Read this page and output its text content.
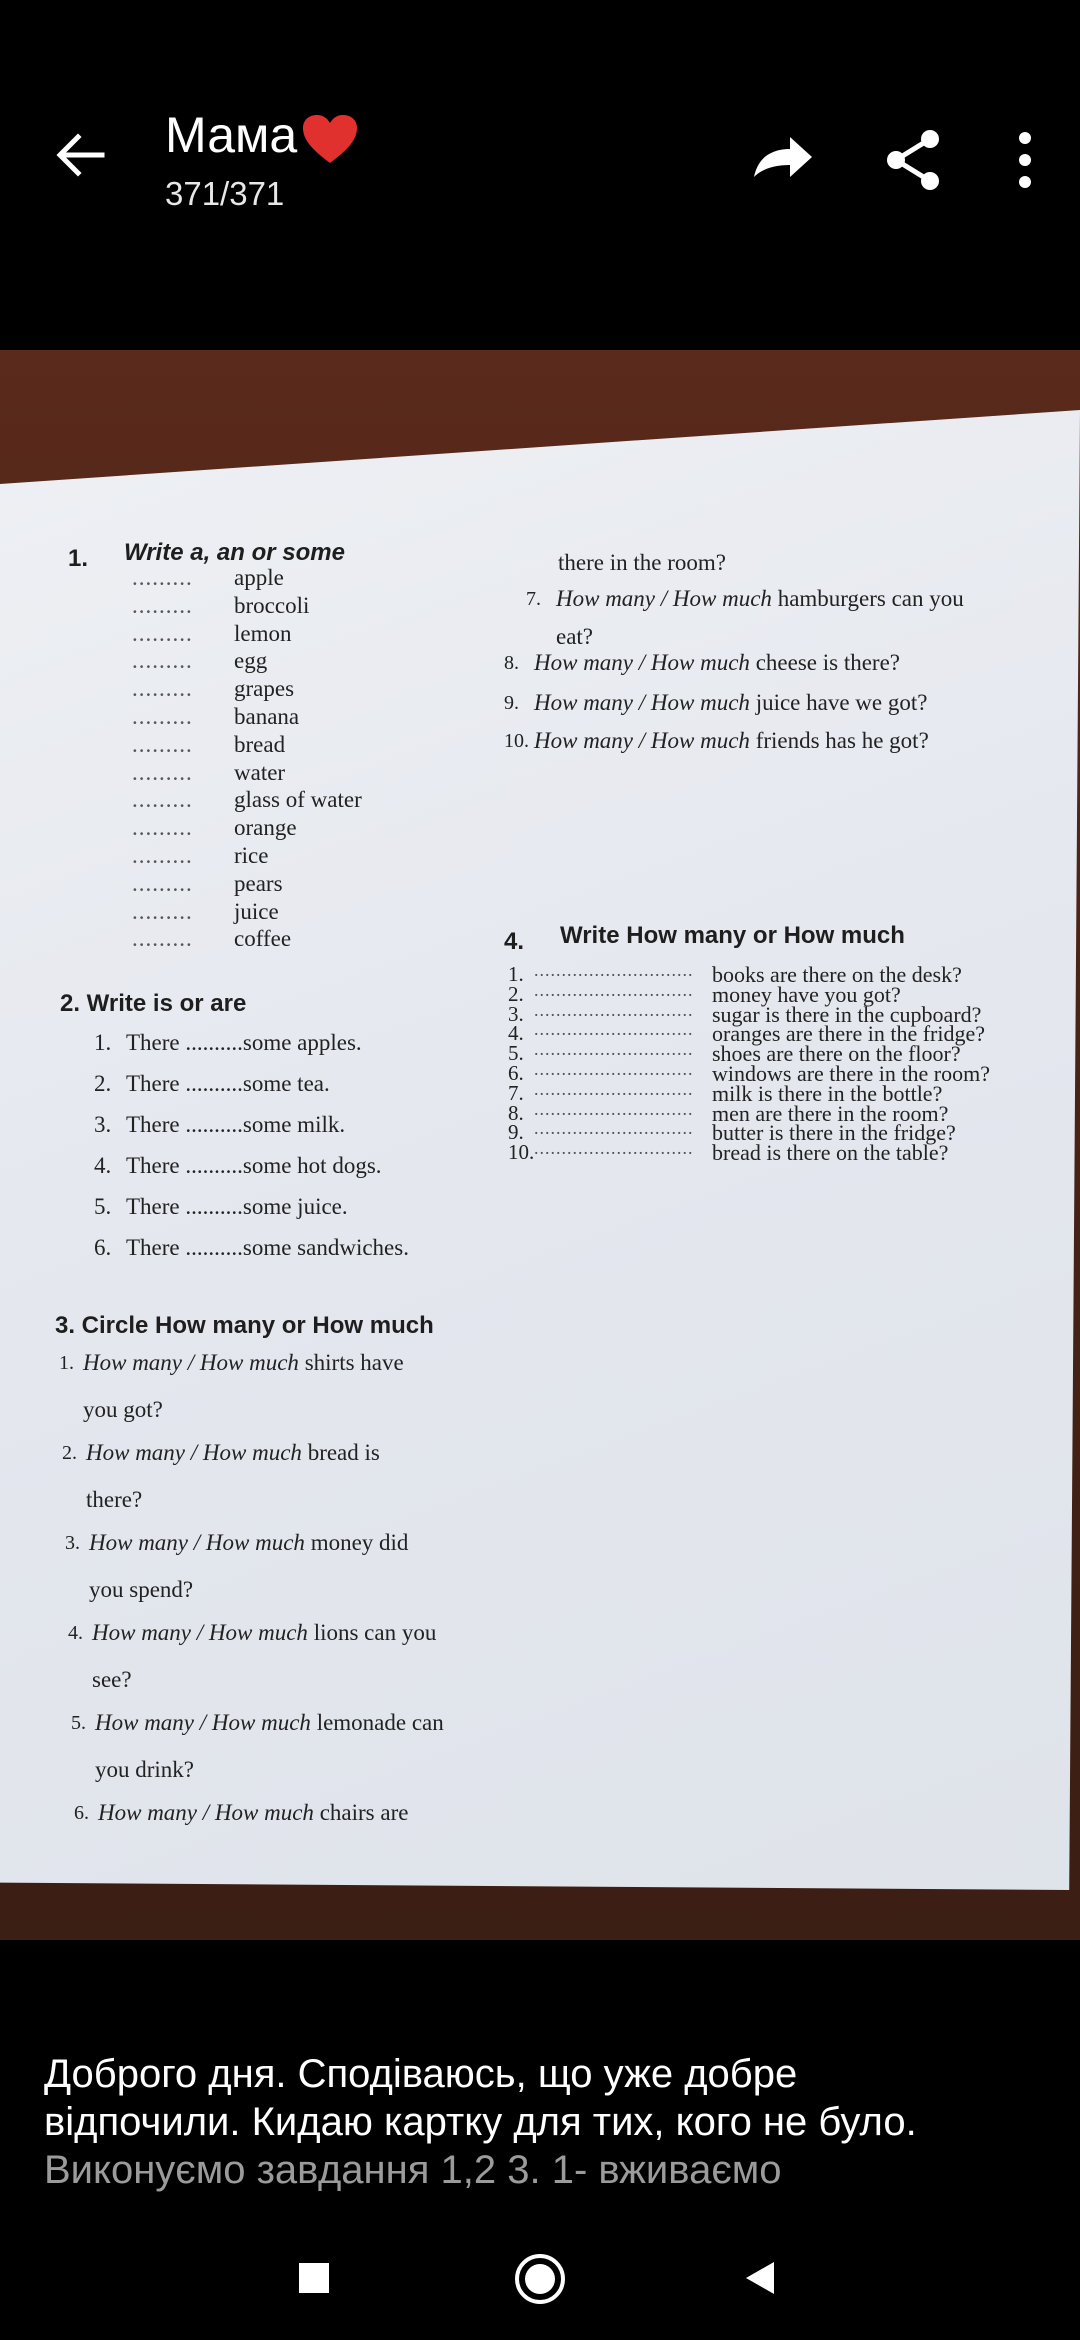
Мама
371/371
1. Write a, an or some
......... apple
......... broccoli
......... lemon
......... egg
......... grapes
......... banana
......... bread
......... water
......... glass of water
......... orange
......... rice
......... pears
......... juice
......... coffee
2. Write is or are
1. There ..........some apples.
2. There ..........some tea.
3. There ..........some milk.
4. There ..........some hot dogs.
5. There ..........some juice.
6. There ..........some sandwiches.
3. Circle How many or How much
1. How many / How much shirts have
you got?
2. How many / How much bread is
there?
3. How many / How much money did
you spend?
4. How many / How much lions can you
see?
5. How many / How much lemonade can
you drink?
6. How many / How much chairs are
there in the room?
7. How many / How much hamburgers can you
eat?
8. How many / How much cheese is there?
9. How many / How much juice have we got?
10. How many / How much friends has he got?
4. Write How many or How much
1. ............................. books are there on the desk?
2. ............................. money have you got?
3. ............................. sugar is there in the cupboard?
4. ............................. oranges are there in the fridge?
5. ............................. shoes are there on the floor?
6. ............................. windows are there in the room?
7. ............................. milk is there in the bottle?
8. ............................. men are there in the room?
9. ............................. butter is there in the fridge?
10. ............................. bread is there on the table?
Доброго дня. Сподіваюсь, що уже добре
відпочили. Кидаю картку для тих, кого не було.
Виконуємо завдання 1,2 3. 1- вживаємо
